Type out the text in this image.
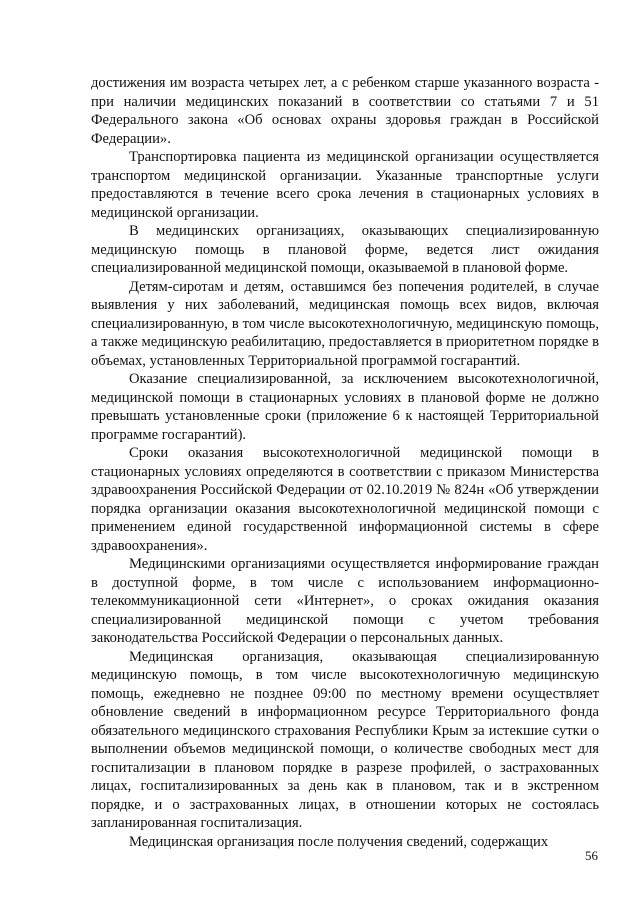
достижения им возраста четырех лет, а с ребенком старше указанного возраста - при наличии медицинских показаний в соответствии со статьями 7 и 51 Федерального закона «Об основах охраны здоровья граждан в Российской Федерации».

Транспортировка пациента из медицинской организации осуществляется транспортом медицинской организации. Указанные транспортные услуги предоставляются в течение всего срока лечения в стационарных условиях в медицинской организации.

В медицинских организациях, оказывающих специализированную медицинскую помощь в плановой форме, ведется лист ожидания специализированной медицинской помощи, оказываемой в плановой форме.

Детям-сиротам и детям, оставшимся без попечения родителей, в случае выявления у них заболеваний, медицинская помощь всех видов, включая специализированную, в том числе высокотехнологичную, медицинскую помощь, а также медицинскую реабилитацию, предоставляется в приоритетном порядке в объемах, установленных Территориальной программой госгарантий.

Оказание специализированной, за исключением высокотехнологичной, медицинской помощи в стационарных условиях в плановой форме не должно превышать установленные сроки (приложение 6 к настоящей Территориальной программе госгарантий).

Сроки оказания высокотехнологичной медицинской помощи в стационарных условиях определяются в соответствии с приказом Министерства здравоохранения Российской Федерации от 02.10.2019 № 824н «Об утверждении порядка организации оказания высокотехнологичной медицинской помощи с применением единой государственной информационной системы в сфере здравоохранения».

Медицинскими организациями осуществляется информирование граждан в доступной форме, в том числе с использованием информационно-телекоммуникационной сети «Интернет», о сроках ожидания оказания специализированной медицинской помощи с учетом требования законодательства Российской Федерации о персональных данных.

Медицинская организация, оказывающая специализированную медицинскую помощь, в том числе высокотехнологичную медицинскую помощь, ежедневно не позднее 09:00 по местному времени осуществляет обновление сведений в информационном ресурсе Территориального фонда обязательного медицинского страхования Республики Крым за истекшие сутки о выполнении объемов медицинской помощи, о количестве свободных мест для госпитализации в плановом порядке в разрезе профилей, о застрахованных лицах, госпитализированных за день как в плановом, так и в экстренном порядке, и о застрахованных лицах, в отношении которых не состоялась запланированная госпитализация.

Медицинская организация после получения сведений, содержащих

56
